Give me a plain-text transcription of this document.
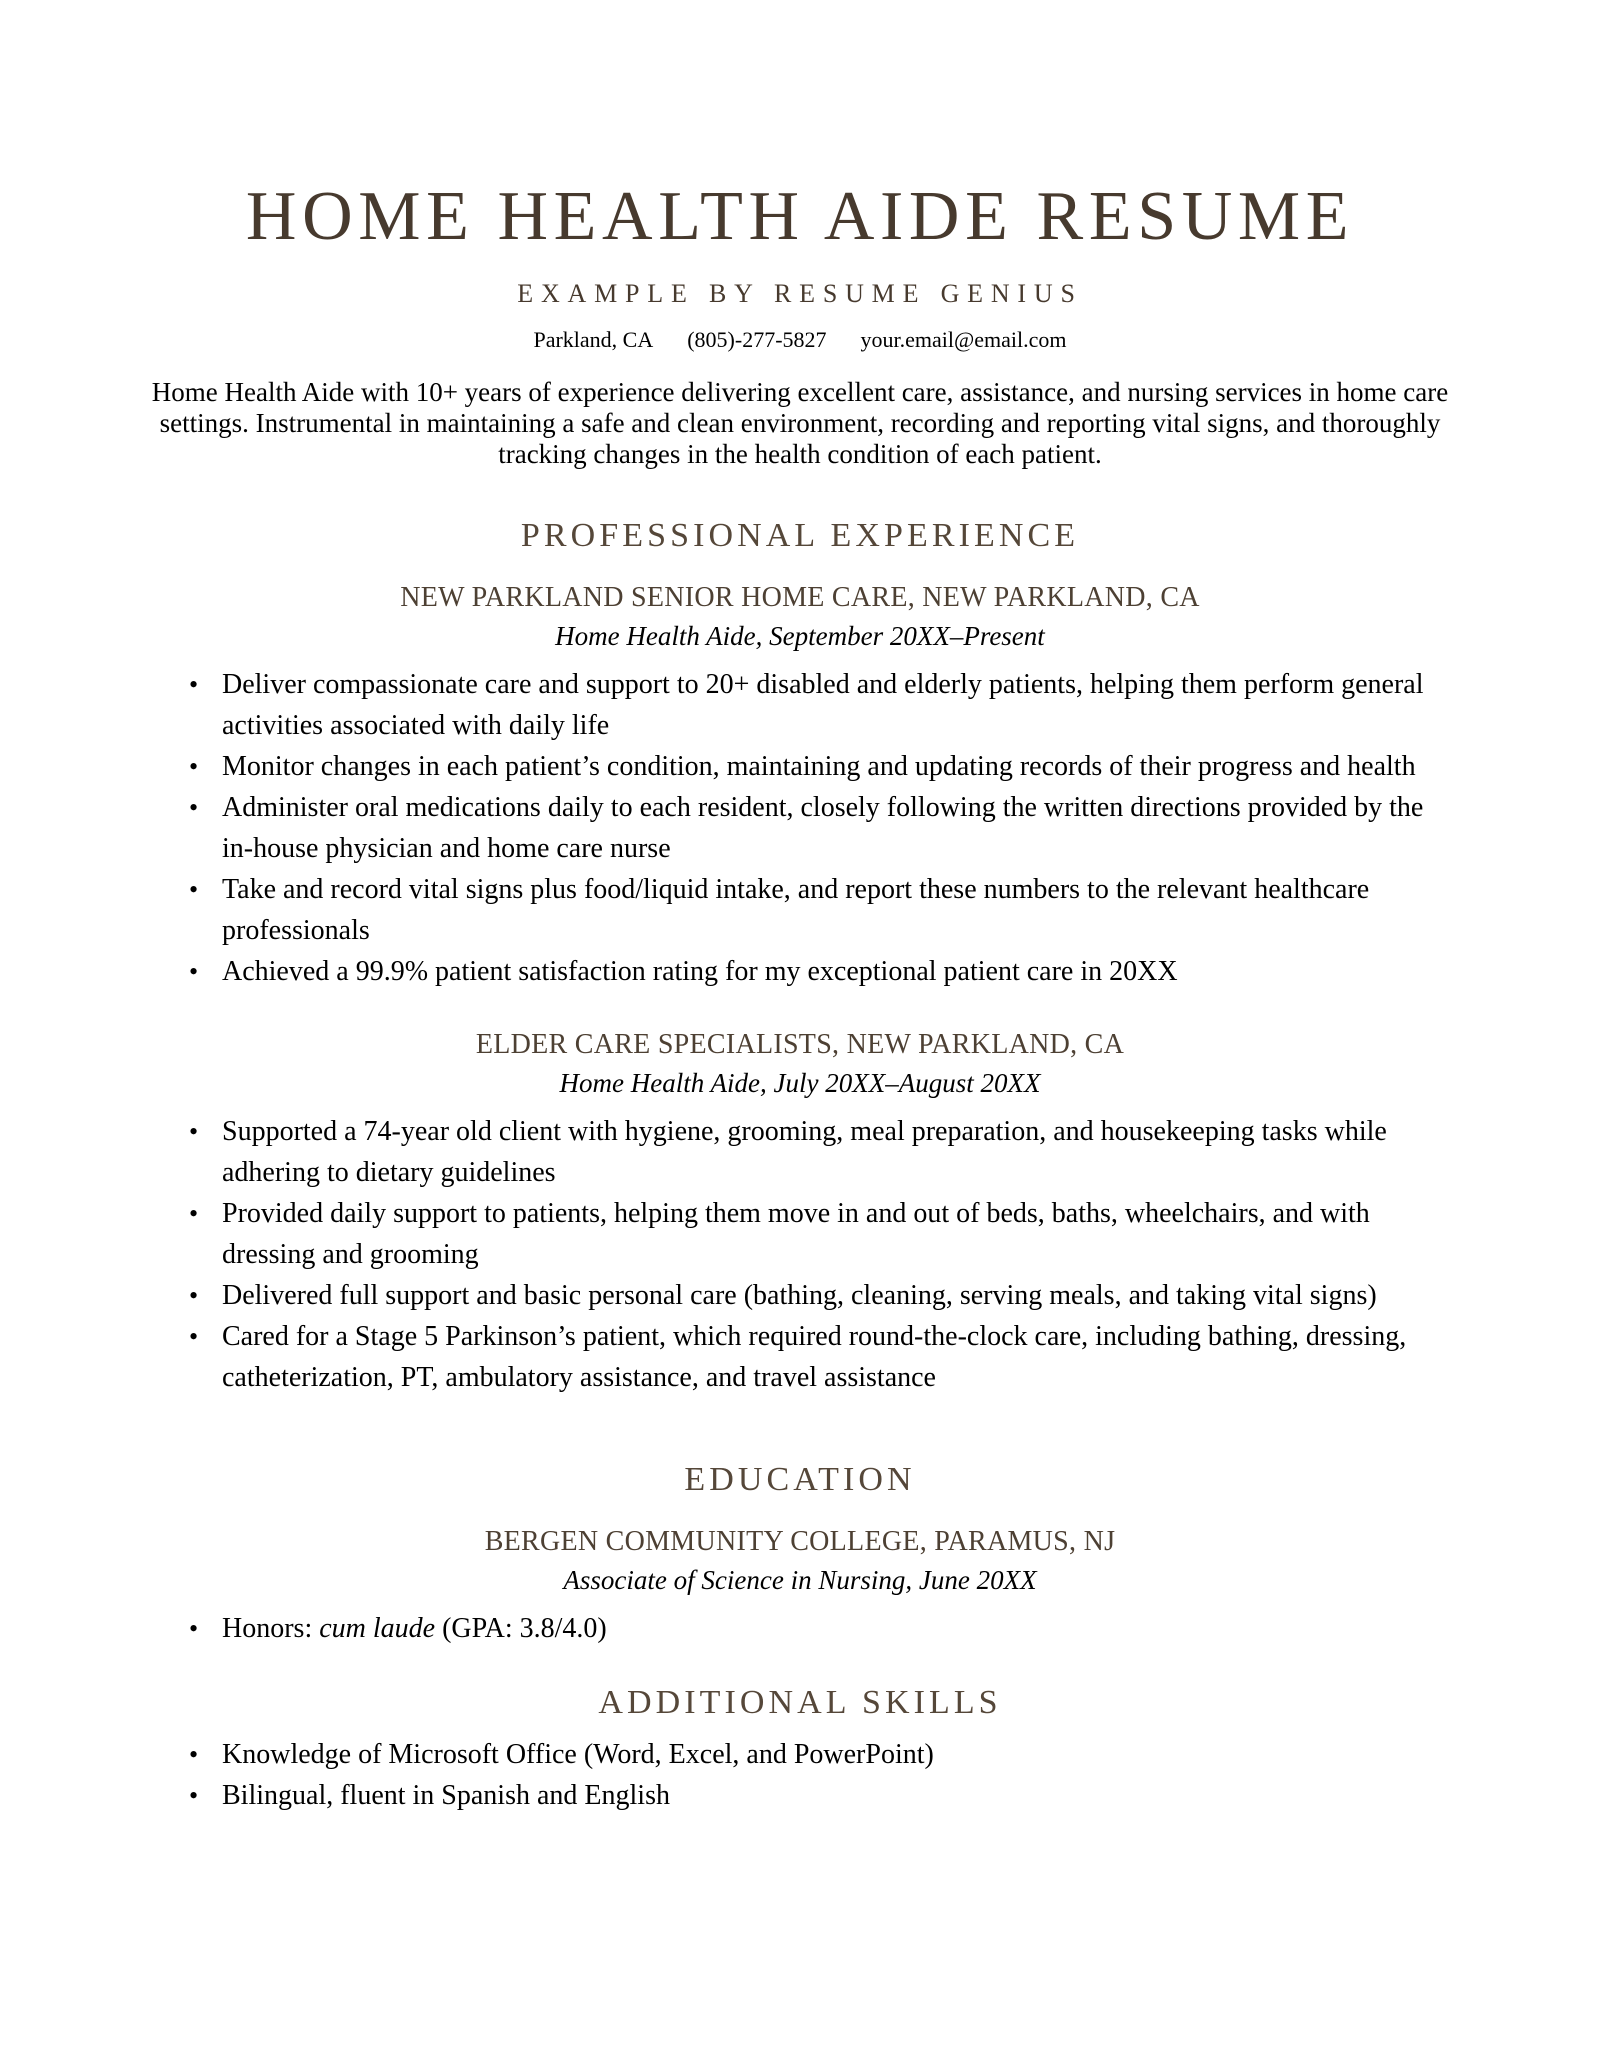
HOME HEALTH AIDE RESUME
EXAMPLE BY RESUME GENIUS
Parkland, CA (805)-277-5827 your.email@email.com

Home Health Aide with 10+ years of experience delivering excellent care, assistance, and nursing services in home care settings. Instrumental in maintaining a safe and clean environment, recording and reporting vital signs, and thoroughly tracking changes in the health condition of each patient.

PROFESSIONAL EXPERIENCE
NEW PARKLAND SENIOR HOME CARE, NEW PARKLAND, CA
Home Health Aide, September 20XX–Present
• Deliver compassionate care and support to 20+ disabled and elderly patients, helping them perform general activities associated with daily life
• Monitor changes in each patient’s condition, maintaining and updating records of their progress and health
• Administer oral medications daily to each resident, closely following the written directions provided by the in-house physician and home care nurse
• Take and record vital signs plus food/liquid intake, and report these numbers to the relevant healthcare professionals
• Achieved a 99.9% patient satisfaction rating for my exceptional patient care in 20XX
ELDER CARE SPECIALISTS, NEW PARKLAND, CA
Home Health Aide, July 20XX–August 20XX
• Supported a 74-year old client with hygiene, grooming, meal preparation, and housekeeping tasks while adhering to dietary guidelines
• Provided daily support to patients, helping them move in and out of beds, baths, wheelchairs, and with dressing and grooming
• Delivered full support and basic personal care (bathing, cleaning, serving meals, and taking vital signs)
• Cared for a Stage 5 Parkinson’s patient, which required round-the-clock care, including bathing, dressing, catheterization, PT, ambulatory assistance, and travel assistance
EDUCATION
BERGEN COMMUNITY COLLEGE, PARAMUS, NJ
Associate of Science in Nursing, June 20XX
• Honors: cum laude (GPA: 3.8/4.0)
ADDITIONAL SKILLS
• Knowledge of Microsoft Office (Word, Excel, and PowerPoint)
• Bilingual, fluent in Spanish and English
